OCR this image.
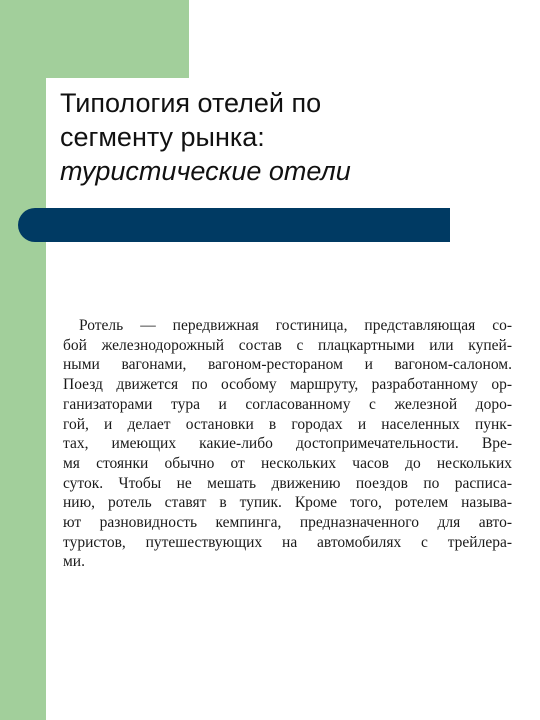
Типология отелей по
сегменту рынка:
туристические отели
Ротель — передвижная гостиница, представляющая со-
бой железнодорожный состав с плацкартными или купей-
ными вагонами, вагоном-рестораном и вагоном-салоном.
Поезд движется по особому маршруту, разработанному ор-
ганизаторами тура и согласованному с железной доро-
гой, и делает остановки в городах и населенных пунк-
тах, имеющих какие-либо достопримечательности. Вре-
мя стоянки обычно от нескольких часов до нескольких
суток. Чтобы не мешать движению поездов по расписа-
нию, ротель ставят в тупик. Кроме того, ротелем называ-
ют разновидность кемпинга, предназначенного для авто-
туристов, путешествующих на автомобилях с трейлера-
ми.
